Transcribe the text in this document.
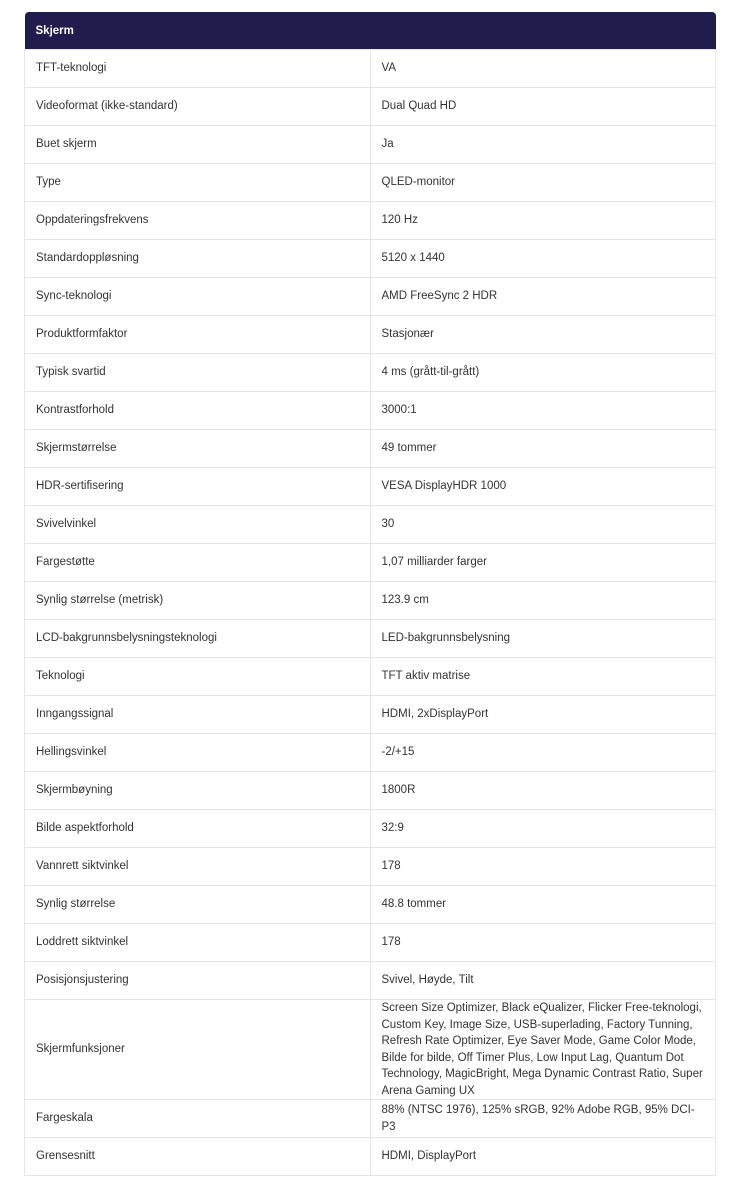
Skjerm	
TFT-teknologi	VA
Videoformat (ikke-standard)	Dual Quad HD
Buet skjerm	Ja
Type	QLED-monitor
Oppdateringsfrekvens	120 Hz
Standardoppløsning	5120 x 1440
Sync-teknologi	AMD FreeSync 2 HDR
Produktformfaktor	Stasjonær
Typisk svartid	4 ms (grått-til-grått)
Kontrastforhold	3000:1
Skjermstørrelse	49 tommer
HDR-sertifisering	VESA DisplayHDR 1000
Svivelvinkel	30
Fargestøtte	1,07 milliarder farger
Synlig størrelse (metrisk)	123.9 cm
LCD-bakgrunnsbelysningsteknologi	LED-bakgrunnsbelysning
Teknologi	TFT aktiv matrise
Inngangssignal	HDMI, 2xDisplayPort
Hellingsvinkel	-2/+15
Skjermbøyning	1800R
Bilde aspektforhold	32:9
Vannrett siktvinkel	178
Synlig størrelse	48.8 tommer
Loddrett siktvinkel	178
Posisjonsjustering	Svivel, Høyde, Tilt
Skjermfunksjoner	Screen Size Optimizer, Black eQualizer, Flicker Free-teknologi, Custom Key, Image Size, USB-superlading, Factory Tunning, Refresh Rate Optimizer, Eye Saver Mode, Game Color Mode, Bilde for bilde, Off Timer Plus, Low Input Lag, Quantum Dot Technology, MagicBright, Mega Dynamic Contrast Ratio, Super Arena Gaming UX
Fargeskala	88% (NTSC 1976), 125% sRGB, 92% Adobe RGB, 95% DCI-P3
Grensesnitt	HDMI, DisplayPort
